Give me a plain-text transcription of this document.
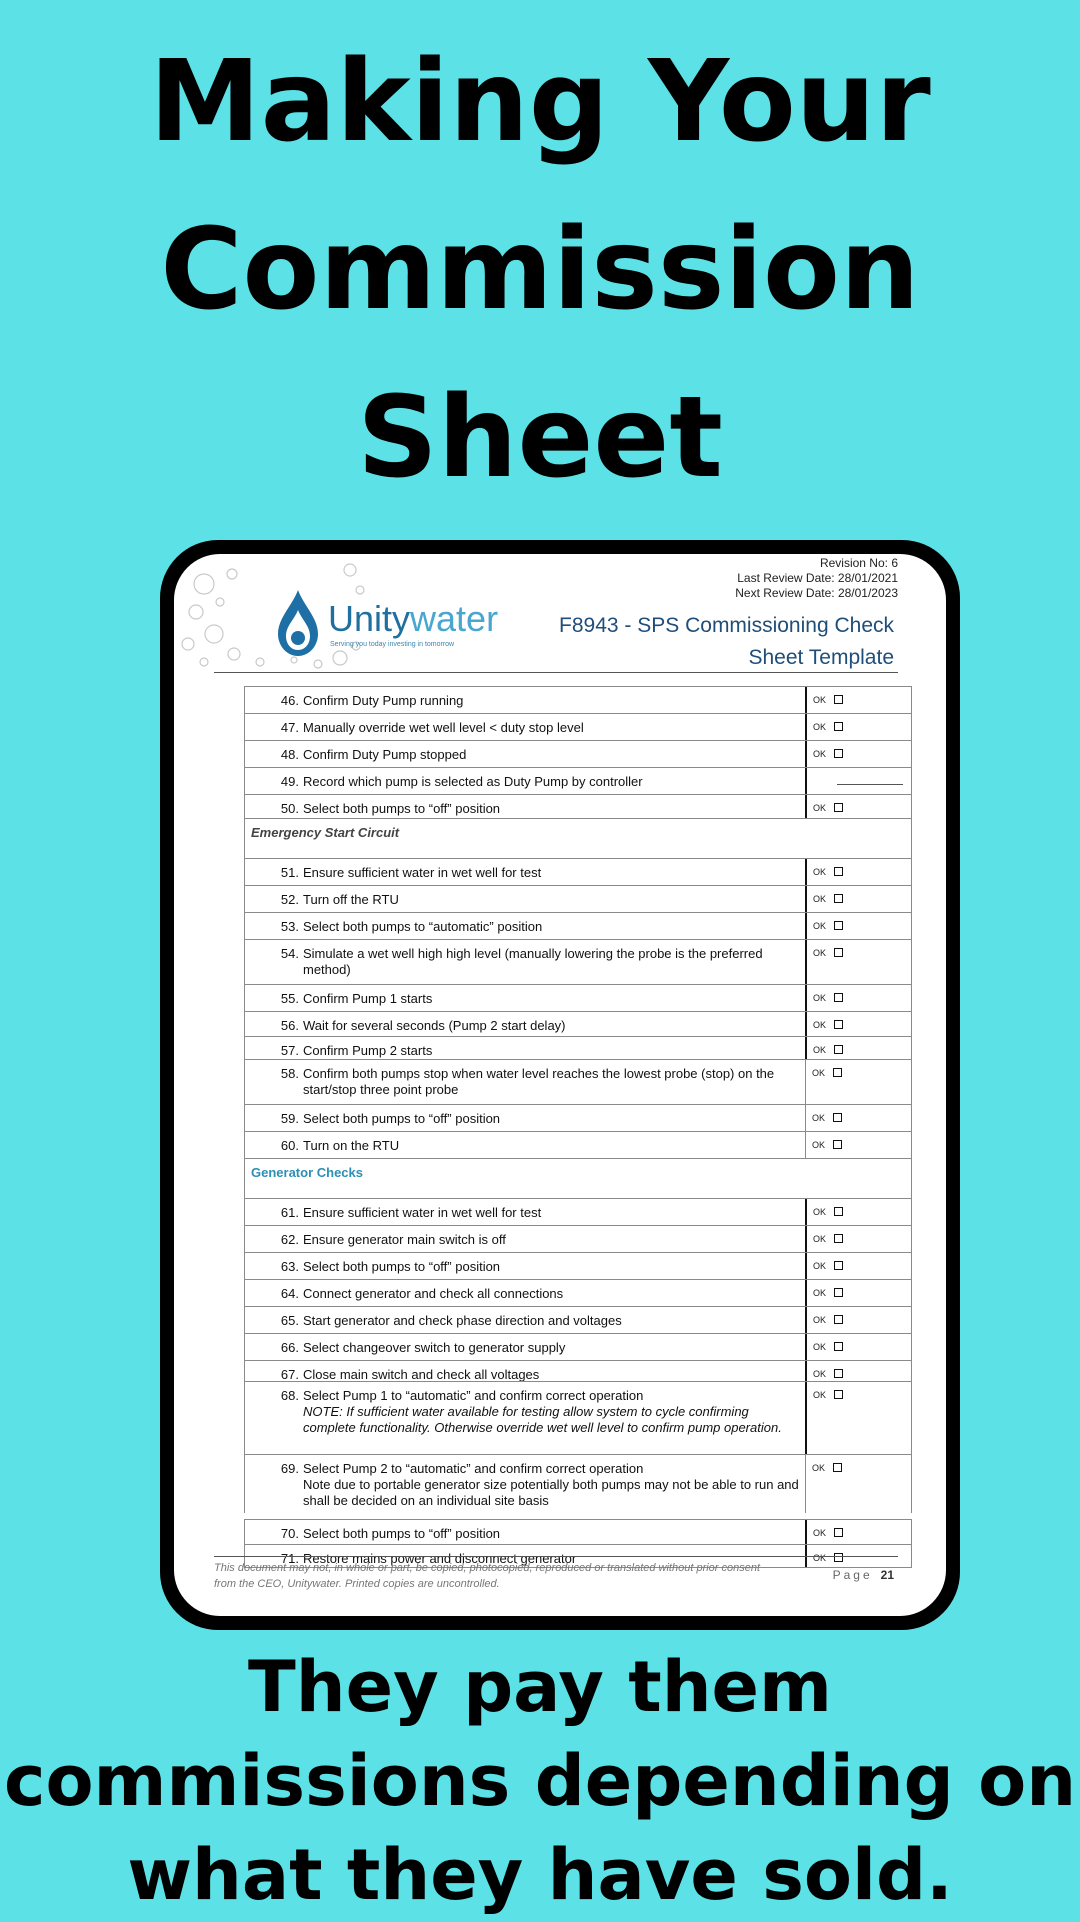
Making Your Commission Sheet
Unitywater
Serving you today investing in tomorrow
Revision No: 6
Last Review Date: 28/01/2021
Next Review Date: 28/01/2023
F8943 - SPS Commissioning Check
Sheet Template
46. Confirm Duty Pump running	OK
47. Manually override wet well level < duty stop level	OK
48. Confirm Duty Pump stopped	OK
49. Record which pump is selected as Duty Pump by controller
50. Select both pumps to “off” position	OK
Emergency Start Circuit
51. Ensure sufficient water in wet well for test	OK
52. Turn off the RTU	OK
53. Select both pumps to “automatic” position	OK
54. Simulate a wet well high high level (manually lowering the probe is the preferred method)
OK
55. Confirm Pump 1 starts	OK
56. Wait for several seconds (Pump 2 start delay)	OK
57. Confirm Pump 2 starts	OK
58. Confirm both pumps stop when water level reaches the lowest probe (stop) on the start/stop three point probe
OK
59. Select both pumps to “off” position	OK
60. Turn on the RTU	OK
Generator Checks
61. Ensure sufficient water in wet well for test	OK
62. Ensure generator main switch is off	OK
63. Select both pumps to “off” position	OK
64. Connect generator and check all connections	OK
65. Start generator and check phase direction and voltages	OK
66. Select changeover switch to generator supply	OK
67. Close main switch and check all voltages	OK
68. Select Pump 1 to “automatic” and confirm correct operation
NOTE: If sufficient water available for testing allow system to cycle confirming complete functionality. Otherwise override wet well level to confirm pump operation.
OK
69. Select Pump 2 to “automatic” and confirm correct operation
Note due to portable generator size potentially both pumps may not be able to run and shall be decided on an individual site basis
OK
70. Select both pumps to “off” position	OK
71. Restore mains power and disconnect generator	OK
This document may not, in whole or part, be copied, photocopied, reproduced or translated without prior consent from the CEO, Unitywater. Printed copies are uncontrolled.
Page 21
They pay them commissions depending on what they have sold.
